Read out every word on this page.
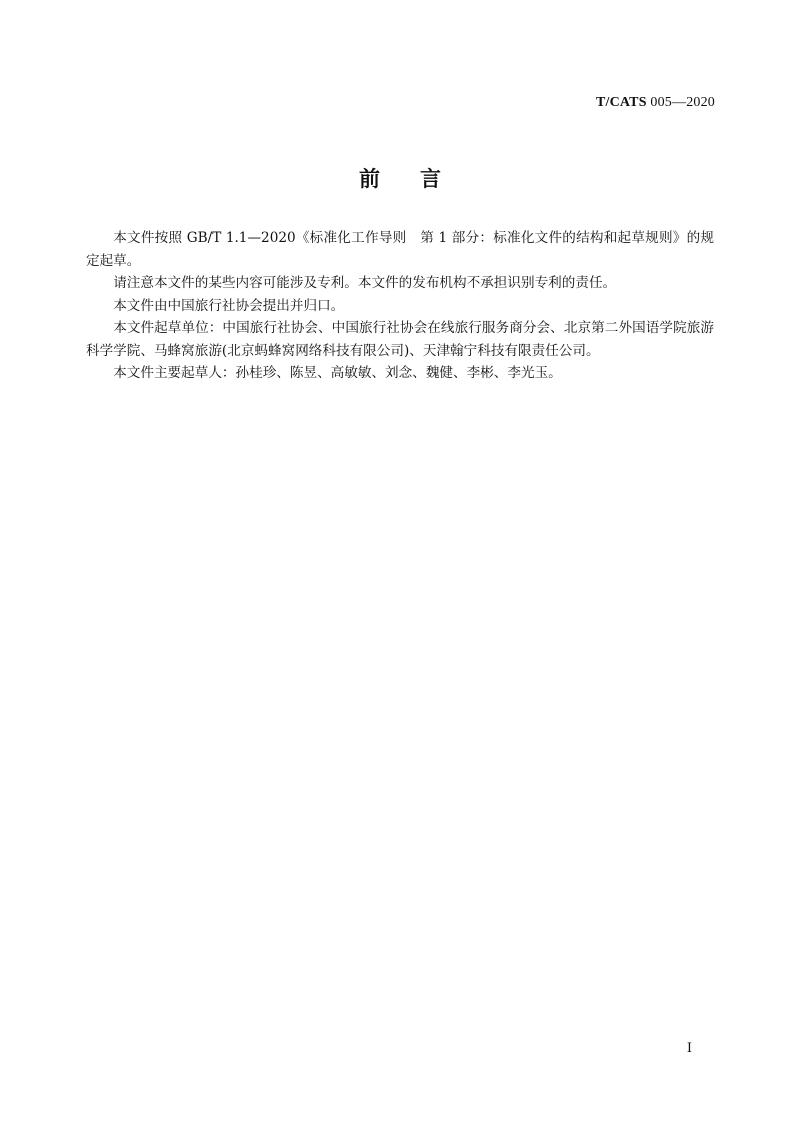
T/CATS 005—2020
前 言

本文件按照 GB/T 1.1—2020《标准化工作导则　第 1 部分：标准化文件的结构和起草规则》的规定起草。

请注意本文件的某些内容可能涉及专利。本文件的发布机构不承担识别专利的责任。

本文件由中国旅行社协会提出并归口。

本文件起草单位：中国旅行社协会、中国旅行社协会在线旅行服务商分会、北京第二外国语学院旅游科学学院、马蜂窝旅游(北京蚂蜂窝网络科技有限公司)、天津翰宁科技有限责任公司。

本文件主要起草人：孙桂珍、陈昱、高敏敏、刘念、魏健、李彬、李光玉。

Ⅰ
